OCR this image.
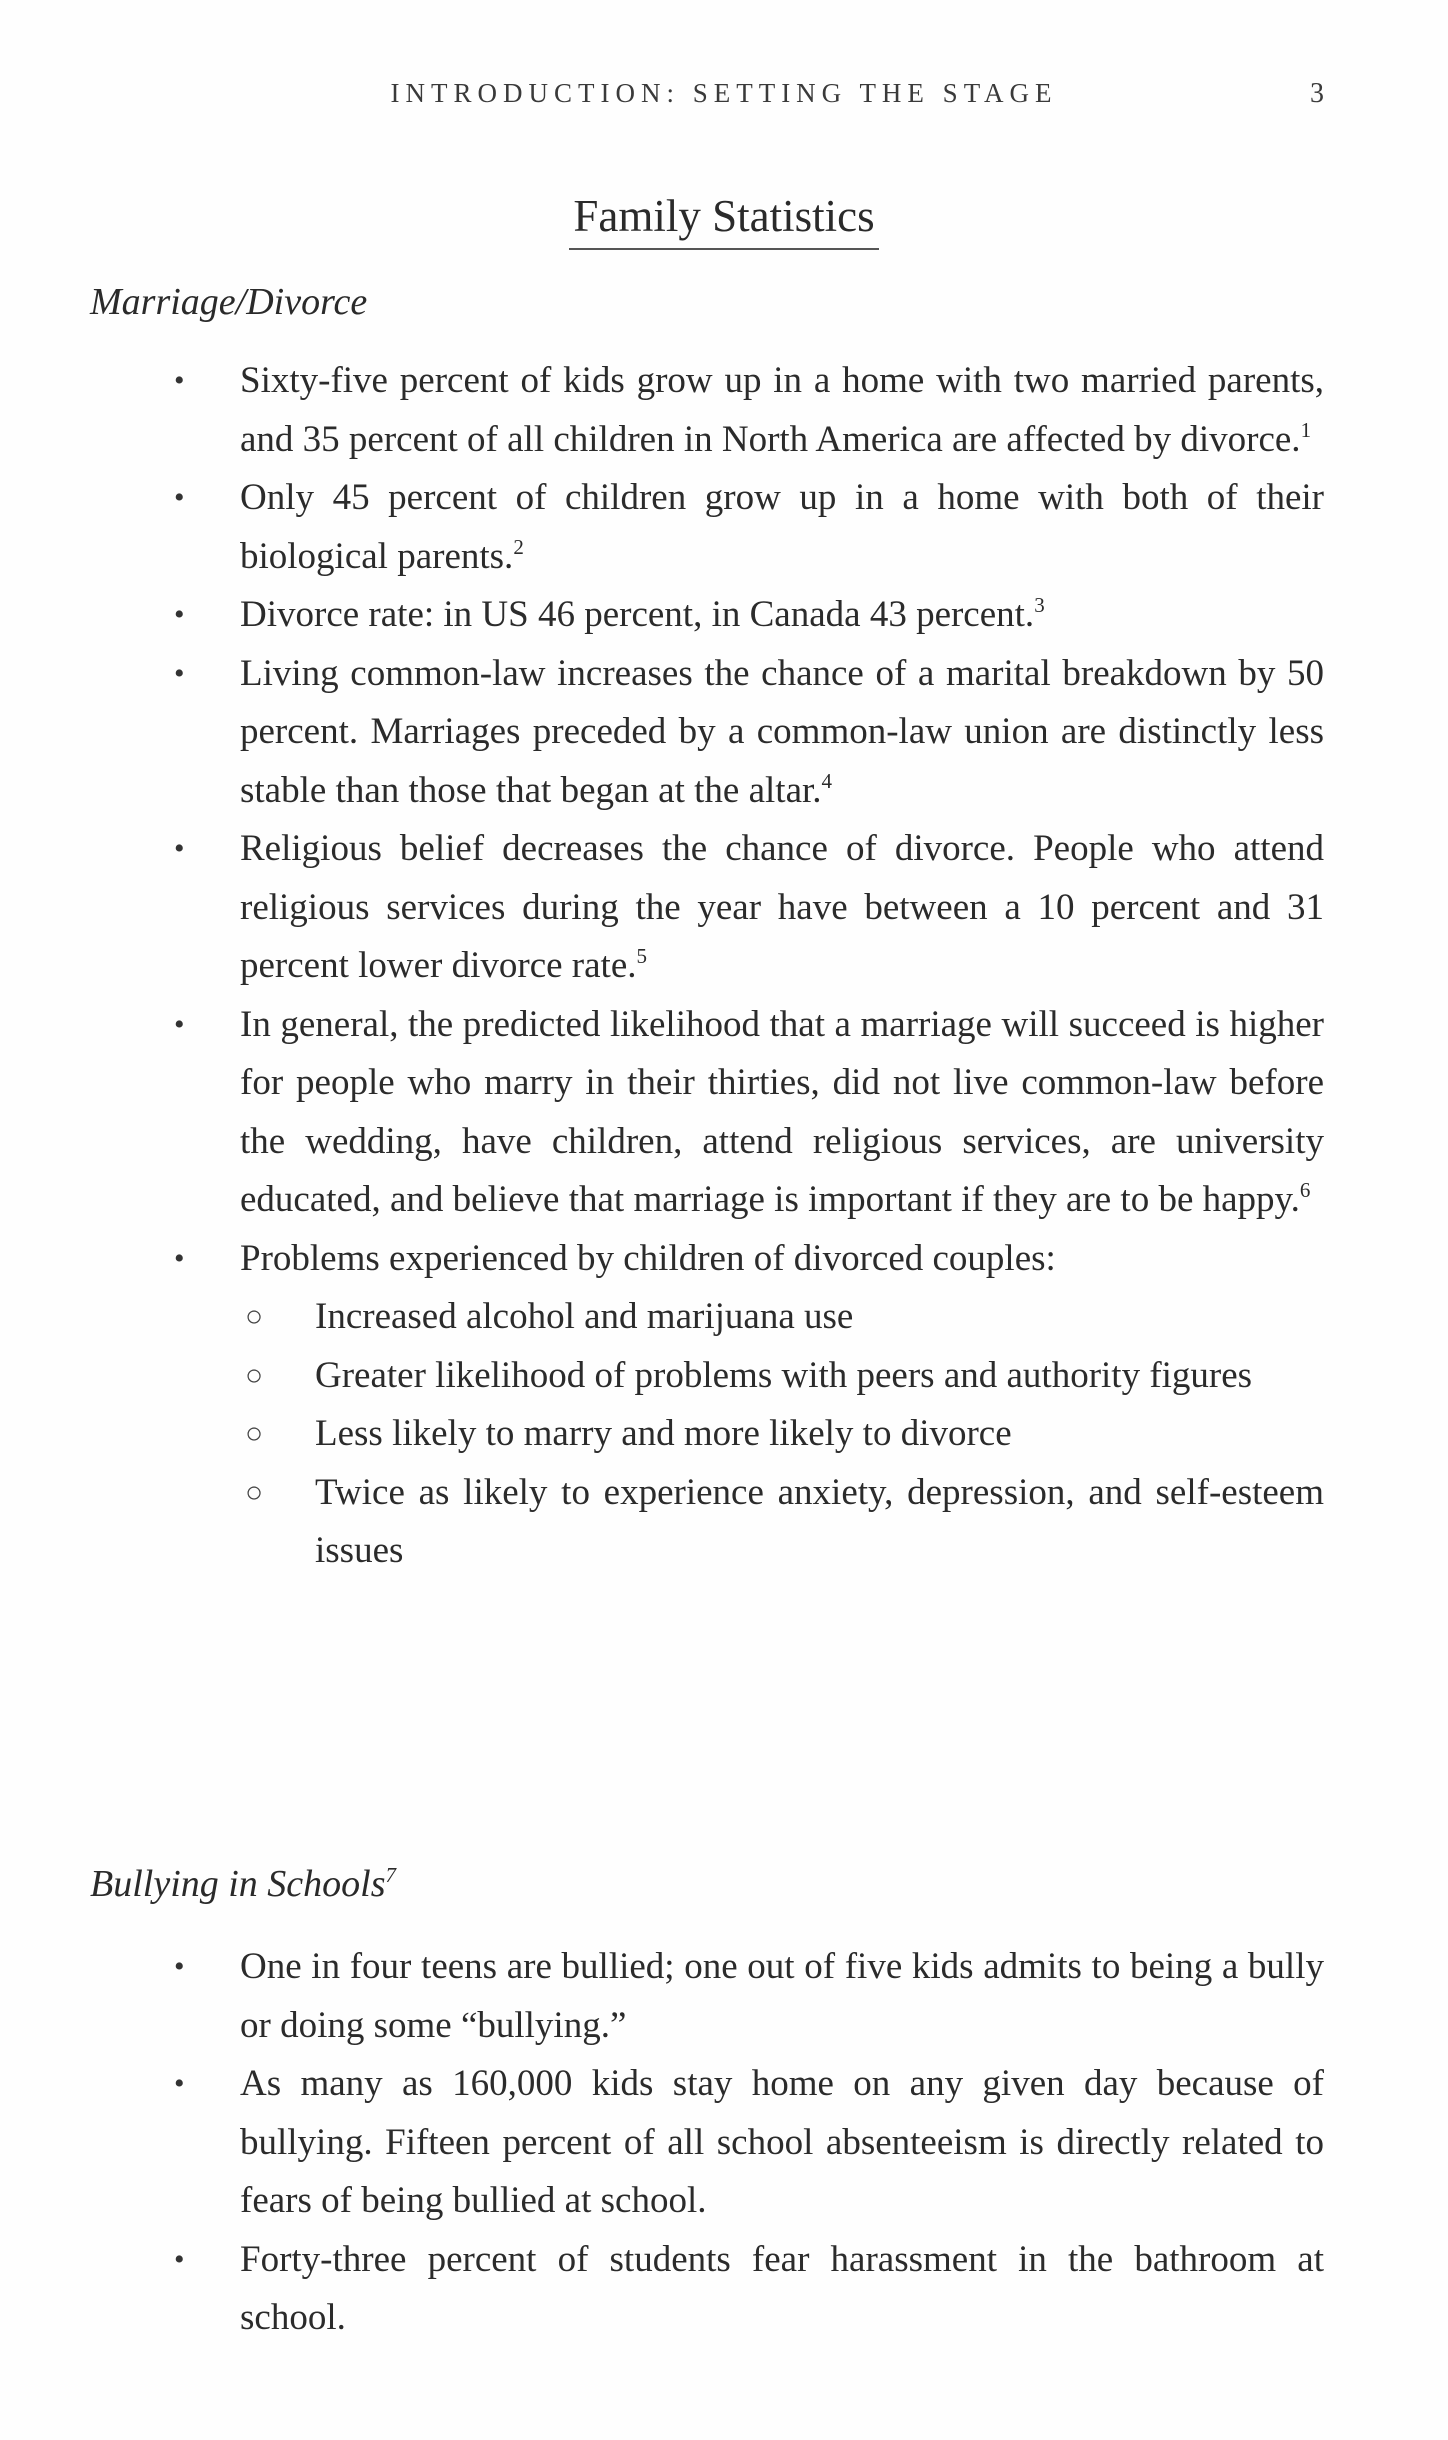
INTRODUCTION: SETTING THE STAGE	3
Family Statistics
Marriage/Divorce
• Sixty-five percent of kids grow up in a home with two married parents, and 35 percent of all children in North America are affected by divorce.$^1$
• Only 45 percent of children grow up in a home with both of their biological parents.$^2$
• Divorce rate: in US 46 percent, in Canada 43 percent.$^3$
• Living common-law increases the chance of a marital breakdown by 50 percent. Marriages preceded by a common-law union are distinctly less stable than those that began at the altar.$^4$
• Religious belief decreases the chance of divorce. People who attend religious services during the year have between a 10 percent and 31 percent lower divorce rate.$^5$
• In general, the predicted likelihood that a marriage will succeed is higher for people who marry in their thirties, did not live common-law before the wedding, have children, attend religious services, are university educated, and believe that marriage is important if they are to be happy.$^6$
• Problems experienced by children of divorced couples:
○ Increased alcohol and marijuana use
○ Greater likelihood of problems with peers and authority figures
○ Less likely to marry and more likely to divorce
○ Twice as likely to experience anxiety, depression, and self-esteem issues
Bullying in Schools$^7$
• One in four teens are bullied; one out of five kids admits to being a bully or doing some “bullying.”
• As many as 160,000 kids stay home on any given day because of bullying. Fifteen percent of all school absenteeism is directly related to fears of being bullied at school.
• Forty-three percent of students fear harassment in the bathroom at school.
